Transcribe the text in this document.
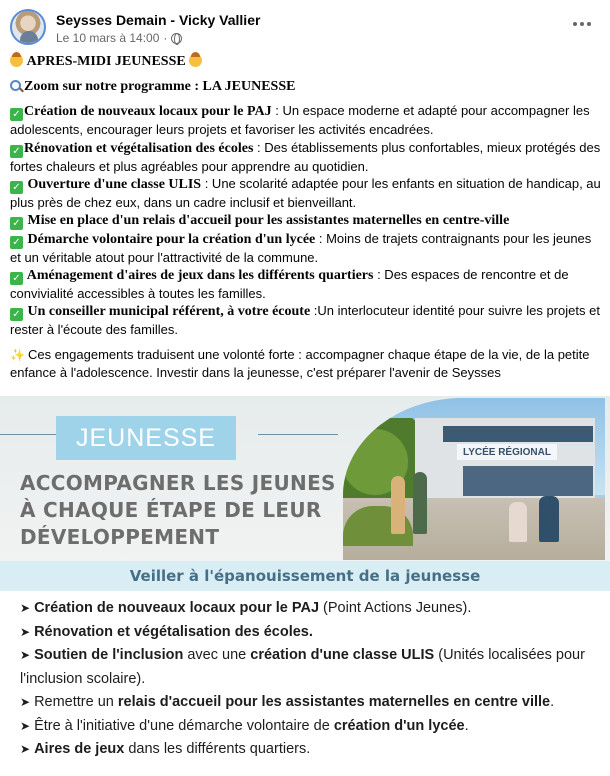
Seysses Demain - Vicky Vallier
Le 10 mars à 14:00 ·

APRES-MIDI JEUNESSE

Zoom sur notre programme : LA JEUNESSE

✓ Création de nouveaux locaux pour le PAJ : Un espace moderne et adapté pour accompagner les adolescents, encourager leurs projets et favoriser les activités encadrées.

✓ Rénovation et végétalisation des écoles : Des établissements plus confortables, mieux protégés des fortes chaleurs et plus agréables pour apprendre au quotidien.

✓ Ouverture d'une classe ULIS : Une scolarité adaptée pour les enfants en situation de handicap, au plus près de chez eux, dans un cadre inclusif et bienveillant.

✓ Mise en place d'un relais d'accueil pour les assistantes maternelles en centre-ville

✓ Démarche volontaire pour la création d'un lycée : Moins de trajets contraignants pour les jeunes et un véritable atout pour l'attractivité de la commune.

✓ Aménagement d'aires de jeux dans les différents quartiers : Des espaces de rencontre et de convivialité accessibles à toutes les familles.

✓ Un conseiller municipal référent, à votre écoute :Un interlocuteur identité pour suivre les projets et rester à l'écoute des familles.

✨ Ces engagements traduisent une volonté forte : accompagner chaque étape de la vie, de la petite enfance à l'adolescence. Investir dans la jeunesse, c'est préparer l'avenir de Seysses

JEUNESSE
ACCOMPAGNER LES JEUNES À CHAQUE ÉTAPE DE LEUR DÉVELOPPEMENT
LYCÉE RÉGIONAL
Veiller à l'épanouissement de la jeunesse
➤ Création de nouveaux locaux pour le PAJ (Point Actions Jeunes).
➤ Rénovation et végétalisation des écoles.
➤ Soutien de l'inclusion avec une création d'une classe ULIS (Unités localisées pour l'inclusion scolaire).
➤ Remettre un relais d'accueil pour les assistantes maternelles en centre ville.
➤ Être à l'initiative d'une démarche volontaire de création d'un lycée.
➤ Aires de jeux dans les différents quartiers.
